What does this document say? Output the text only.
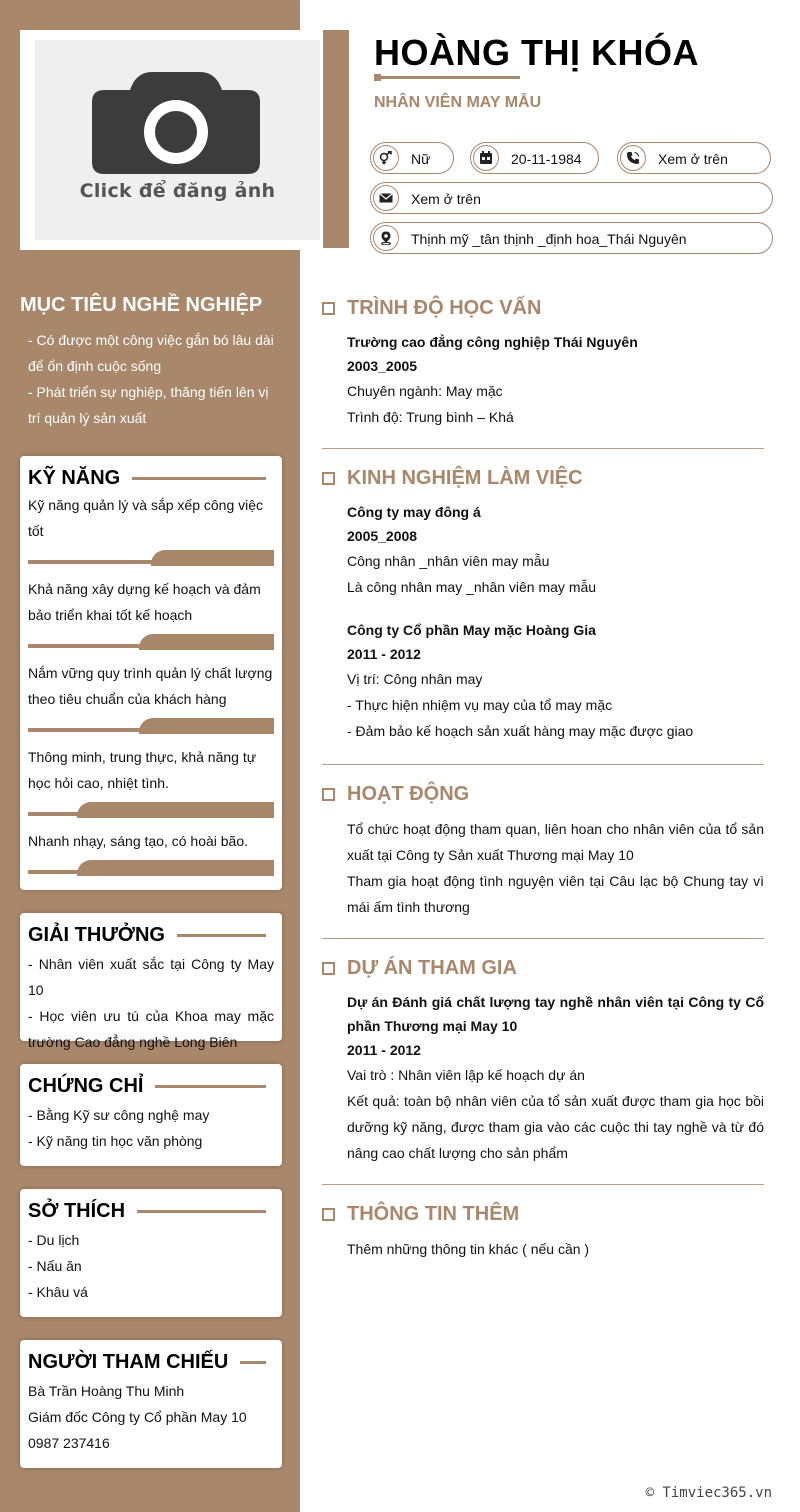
Click để đăng ảnh
HOÀNG THỊ KHÓA
NHÂN VIÊN MAY MẪU
Nữ	20-11-1984	Xem ở trên
Xem ở trên
Thịnh mỹ _tân thịnh _định hoa_Thái Nguyên
MỤC TIÊU NGHỀ NGHIỆP
- Có được một công việc gắn bó lâu dài để ổn định cuộc sống
- Phát triển sự nghiệp, thăng tiến lên vị trí quản lý sản xuất
KỸ NĂNG
Kỹ năng quản lý và sắp xếp công việc tốt
Khả năng xây dựng kế hoạch và đảm bảo triển khai tốt kế hoạch
Nắm vững quy trình quản lý chất lượng theo tiêu chuẩn của khách hàng
Thông minh, trung thực, khả năng tự học hỏi cao, nhiệt tình.
Nhanh nhạy, sáng tạo, có hoài bão.
GIẢI THƯỞNG
- Nhân viên xuất sắc tại Công ty May 10
- Học viên ưu tú của Khoa may mặc trường Cao đẳng nghề Long Biên
CHỨNG CHỈ
- Bằng Kỹ sư công nghệ may
- Kỹ năng tin học văn phòng
SỞ THÍCH
- Du lịch
- Nấu ăn
- Khâu vá
NGƯỜI THAM CHIẾU
Bà Trần Hoàng Thu Minh
Giám đốc Công ty Cổ phần May 10
0987 237416
TRÌNH ĐỘ HỌC VẤN
Trường cao đẳng công nghiệp Thái Nguyên
2003_2005
Chuyên ngành: May mặc
Trình độ: Trung bình – Khá
KINH NGHIỆM LÀM VIỆC
Công ty may đông á
2005_2008
Công nhân _nhân viên may mẫu
Là công nhân may _nhân viên may mẫu
Công ty Cổ phần May mặc Hoàng Gia
2011 - 2012
Vị trí: Công nhân may
- Thực hiện nhiệm vụ may của tổ may mặc
- Đảm bảo kế hoạch sản xuất hàng may mặc được giao
HOẠT ĐỘNG
Tổ chức hoạt động tham quan, liên hoan cho nhân viên của tổ sản xuất tại Công ty Sản xuất Thương mại May 10
Tham gia hoạt động tình nguyện viên tại Câu lạc bộ Chung tay vì mái ấm tình thương
DỰ ÁN THAM GIA
Dự án Đánh giá chất lượng tay nghề nhân viên tại Công ty Cổ phần Thương mại May 10
2011 - 2012
Vai trò : Nhân viên lập kế hoạch dự án
Kết quả: toàn bộ nhân viên của tổ sản xuất được tham gia học bồi dưỡng kỹ năng, được tham gia vào các cuộc thi tay nghề và từ đó nâng cao chất lượng cho sản phẩm
THÔNG TIN THÊM
Thêm những thông tin khác ( nếu cần )
© Timviec365.vn
